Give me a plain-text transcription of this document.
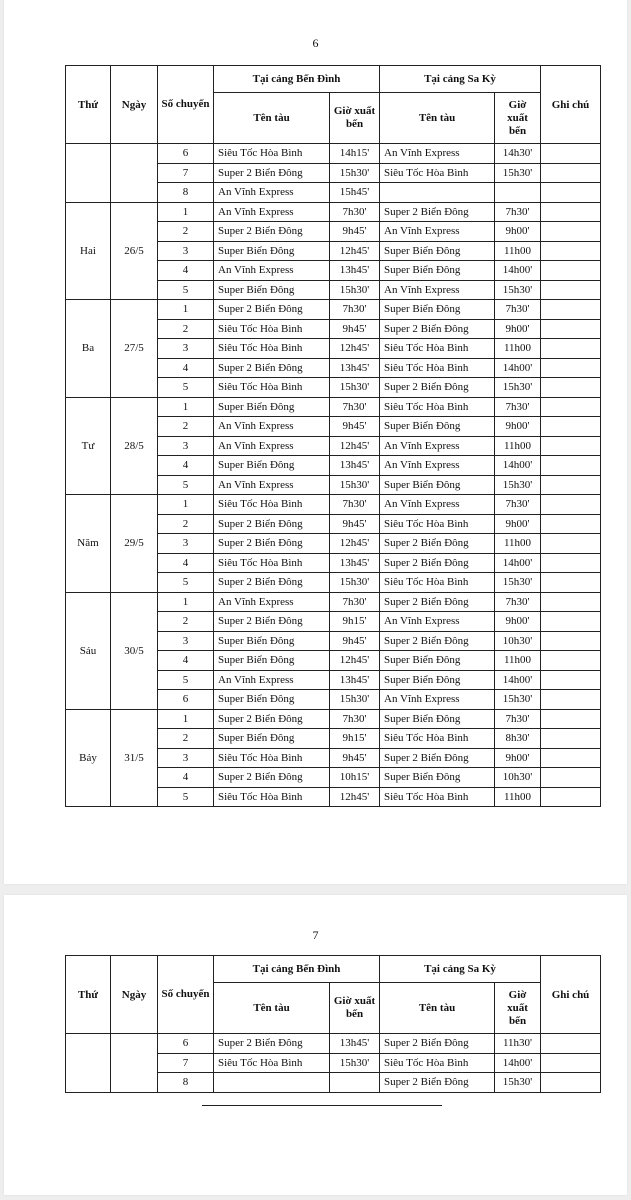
6
Thứ	Ngày	Số chuyến	Tại cảng Bến Đình		Tại cảng Sa Kỳ		Ghi chú
			Tên tàu	Giờ xuất bến	Tên tàu	Giờ xuất bến	
		6	Siêu Tốc Hòa Bình	14h15'	An Vĩnh Express	14h30'	
		7	Super 2 Biển Đông	15h30'	Siêu Tốc Hòa Bình	15h30'	
		8	An Vĩnh Express	15h45'			
Hai	26/5	1	An Vĩnh Express	7h30'	Super 2 Biển Đông	7h30'	
		2	Super 2 Biển Đông	9h45'	An Vĩnh Express	9h00'	
		3	Super Biển Đông	12h45'	Super Biển Đông	11h00	
		4	An Vĩnh Express	13h45'	Super Biển Đông	14h00'	
		5	Super Biển Đông	15h30'	An Vĩnh Express	15h30'	
Ba	27/5	1	Super 2 Biển Đông	7h30'	Super Biển Đông	7h30'	
		2	Siêu Tốc Hòa Bình	9h45'	Super 2 Biển Đông	9h00'	
		3	Siêu Tốc Hòa Bình	12h45'	Siêu Tốc Hòa Bình	11h00	
		4	Super 2 Biển Đông	13h45'	Siêu Tốc Hòa Bình	14h00'	
		5	Siêu Tốc Hòa Bình	15h30'	Super 2 Biển Đông	15h30'	
Tư	28/5	1	Super Biển Đông	7h30'	Siêu Tốc Hòa Bình	7h30'	
		2	An Vĩnh Express	9h45'	Super Biển Đông	9h00'	
		3	An Vĩnh Express	12h45'	An Vĩnh Express	11h00	
		4	Super Biển Đông	13h45'	An Vĩnh Express	14h00'	
		5	An Vĩnh Express	15h30'	Super Biển Đông	15h30'	
Năm	29/5	1	Siêu Tốc Hòa Bình	7h30'	An Vĩnh Express	7h30'	
		2	Super 2 Biển Đông	9h45'	Siêu Tốc Hòa Bình	9h00'	
		3	Super 2 Biển Đông	12h45'	Super 2 Biển Đông	11h00	
		4	Siêu Tốc Hòa Bình	13h45'	Super 2 Biển Đông	14h00'	
		5	Super 2 Biển Đông	15h30'	Siêu Tốc Hòa Bình	15h30'	
Sáu	30/5	1	An Vĩnh Express	7h30'	Super 2 Biển Đông	7h30'	
		2	Super 2 Biển Đông	9h15'	An Vĩnh Express	9h00'	
		3	Super Biển Đông	9h45'	Super 2 Biển Đông	10h30'	
		4	Super Biển Đông	12h45'	Super Biển Đông	11h00	
		5	An Vĩnh Express	13h45'	Super Biển Đông	14h00'	
		6	Super Biển Đông	15h30'	An Vĩnh Express	15h30'	
Bảy	31/5	1	Super 2 Biển Đông	7h30'	Super Biển Đông	7h30'	
		2	Super Biển Đông	9h15'	Siêu Tốc Hòa Bình	8h30'	
		3	Siêu Tốc Hòa Bình	9h45'	Super 2 Biển Đông	9h00'	
		4	Super 2 Biển Đông	10h15'	Super Biển Đông	10h30'	
		5	Siêu Tốc Hòa Bình	12h45'	Siêu Tốc Hòa Bình	11h00	
7
Thứ	Ngày	Số chuyến	Tại cảng Bến Đình		Tại cảng Sa Kỳ		Ghi chú
			Tên tàu	Giờ xuất bến	Tên tàu	Giờ xuất bến	
		6	Super 2 Biển Đông	13h45'	Super 2 Biển Đông	11h30'	
		7	Siêu Tốc Hòa Bình	15h30'	Siêu Tốc Hòa Bình	14h00'	
		8			Super 2 Biển Đông	15h30'	
